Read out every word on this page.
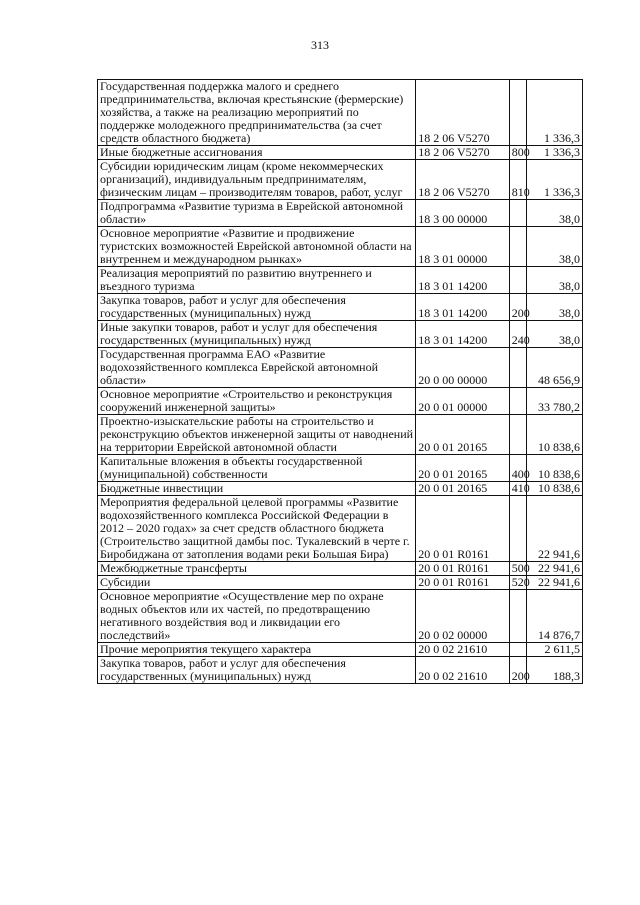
313
Государственная поддержка малого и среднего предпринимательства, включая крестьянские (фермерские) хозяйства, а также на реализацию мероприятий по поддержке молодежного предпринимательства (за счет средств областного бюджета)	18 2 06 V5270		1 336,3
Иные бюджетные ассигнования	18 2 06 V5270	800	1 336,3
Субсидии юридическим лицам (кроме некоммерческих организаций), индивидуальным предпринимателям, физическим лицам – производителям товаров, работ, услуг	18 2 06 V5270	810	1 336,3
Подпрограмма «Развитие туризма в Еврейской автономной области»	18 3 00 00000		38,0
Основное мероприятие «Развитие и продвижение туристских возможностей Еврейской автономной области на внутреннем и международном рынках»	18 3 01 00000		38,0
Реализация мероприятий по развитию внутреннего и въездного туризма	18 3 01 14200		38,0
Закупка товаров, работ и услуг для обеспечения государственных (муниципальных) нужд	18 3 01 14200	200	38,0
Иные закупки товаров, работ и услуг для обеспечения государственных (муниципальных) нужд	18 3 01 14200	240	38,0
Государственная программа ЕАО «Развитие водохозяйственного комплекса Еврейской автономной области»	20 0 00 00000		48 656,9
Основное мероприятие «Строительство и реконструкция сооружений инженерной защиты»	20 0 01 00000		33 780,2
Проектно-изыскательские работы на строительство и реконструкцию объектов инженерной защиты от наводнений на территории Еврейской автономной области	20 0 01 20165		10 838,6
Капитальные вложения в объекты государственной (муниципальной) собственности	20 0 01 20165	400	10 838,6
Бюджетные инвестиции	20 0 01 20165	410	10 838,6
Мероприятия федеральной целевой программы «Развитие водохозяйственного комплекса Российской Федерации в 2012 – 2020 годах» за счет средств областного бюджета (Строительство защитной дамбы пос. Тукалевский в черте г. Биробиджана от затопления водами реки Большая Бира)	20 0 01 R0161		22 941,6
Межбюджетные трансферты	20 0 01 R0161	500	22 941,6
Субсидии	20 0 01 R0161	520	22 941,6
Основное мероприятие «Осуществление мер по охране водных объектов или их частей, по предотвращению негативного воздействия вод и ликвидации его последствий»	20 0 02 00000		14 876,7
Прочие мероприятия текущего характера	20 0 02 21610		2 611,5
Закупка товаров, работ и услуг для обеспечения государственных (муниципальных) нужд	20 0 02 21610	200	188,3
